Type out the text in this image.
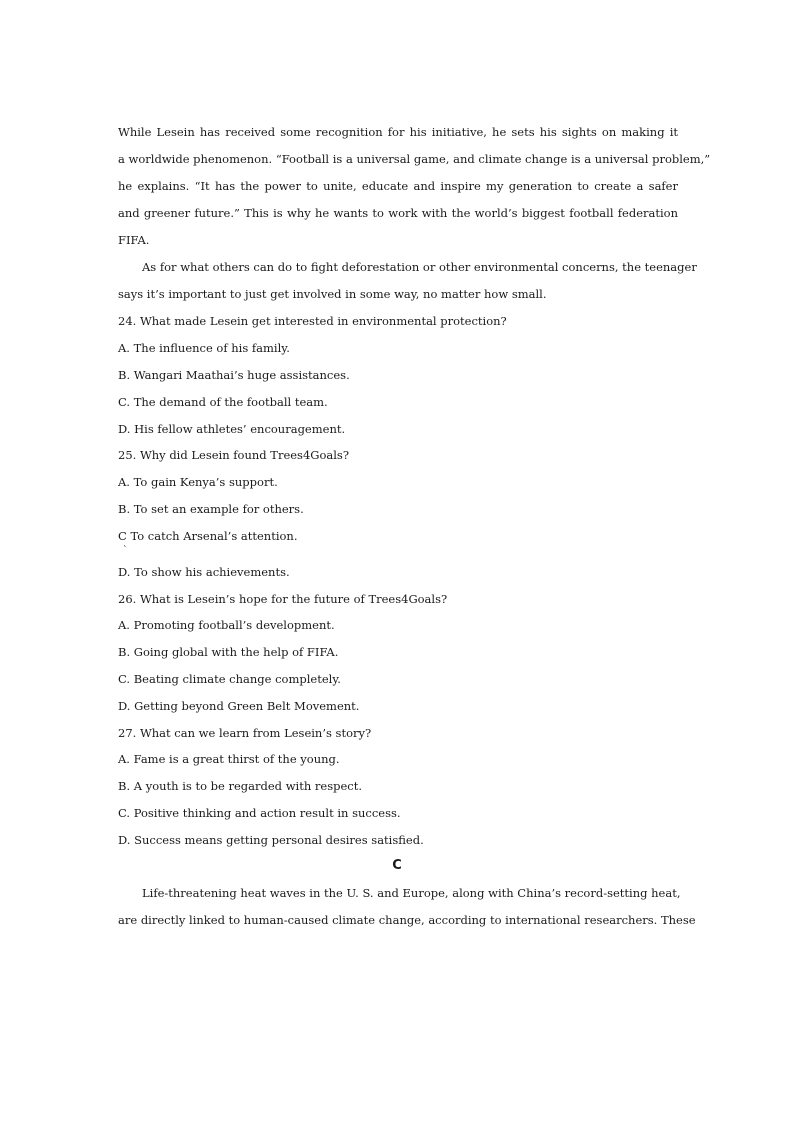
While Lesein has received some recognition for his initiative, he sets his sights on making it
a worldwide phenomenon. “Football is a universal game, and climate change is a universal problem,”
he explains. “It has the power to unite, educate and inspire my generation to create a safer
and greener future.” This is why he wants to work with the world’s biggest football federation
FIFA.
As for what others can do to fight deforestation or other environmental concerns, the teenager
says it’s important to just get involved in some way, no matter how small.
24. What made Lesein get interested in environmental protection?
A. The influence of his family.
B. Wangari Maathai’s huge assistances.
C. The demand of the football team.
D. His fellow athletes’ encouragement.
25. Why did Lesein found Trees4Goals?
A. To gain Kenya’s support.
B. To set an example for others.
C To catch Arsenal’s attention.
ˋ
D. To show his achievements.
26. What is Lesein’s hope for the future of Trees4Goals?
A. Promoting football’s development.
B. Going global with the help of FIFA.
C. Beating climate change completely.
D. Getting beyond Green Belt Movement.
27. What can we learn from Lesein’s story?
A. Fame is a great thirst of the young.
B. A youth is to be regarded with respect.
C. Positive thinking and action result in success.
D. Success means getting personal desires satisfied.
C
Life-threatening heat waves in the U. S. and Europe, along with China’s record-setting heat,
are directly linked to human-caused climate change, according to international researchers. These
